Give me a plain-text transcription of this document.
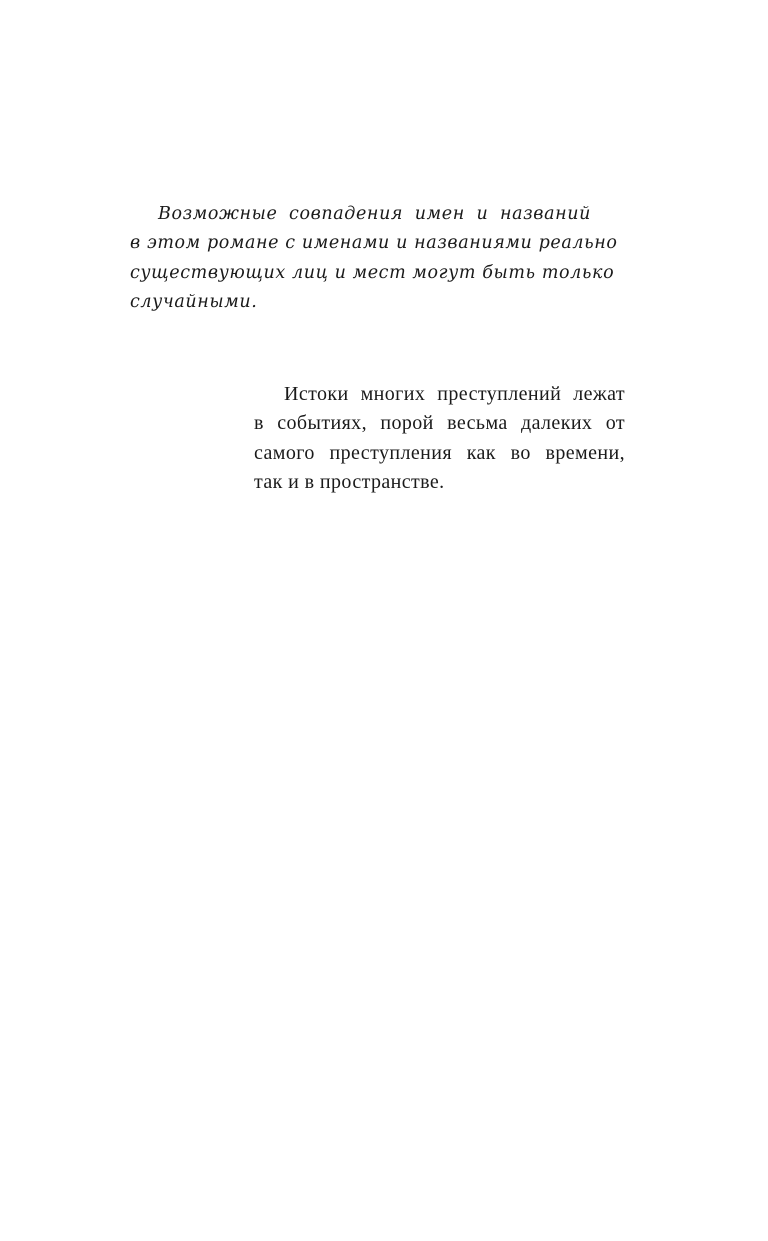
Возможные совпадения имен и названий
в этом романе с именами и названиями реально
существующих лиц и мест могут быть только
случайными.
Истоки многих преступлений лежат
в событиях, порой весьма далеких от
самого преступления как во времени,
так и в пространстве.
